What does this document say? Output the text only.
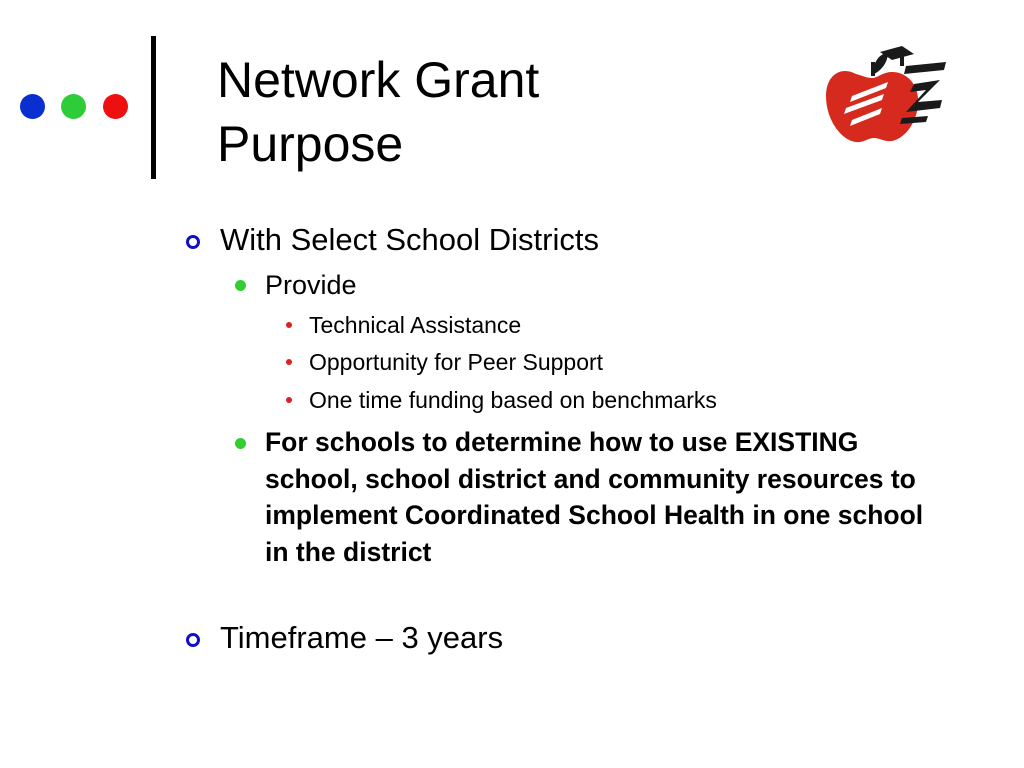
Network Grant
Purpose
With Select School Districts
Provide
Technical Assistance
Opportunity for Peer Support
One time funding based on benchmarks
For schools to determine how to use EXISTING school, school district and community resources to implement Coordinated School Health in one school in the district
Timeframe – 3 years
